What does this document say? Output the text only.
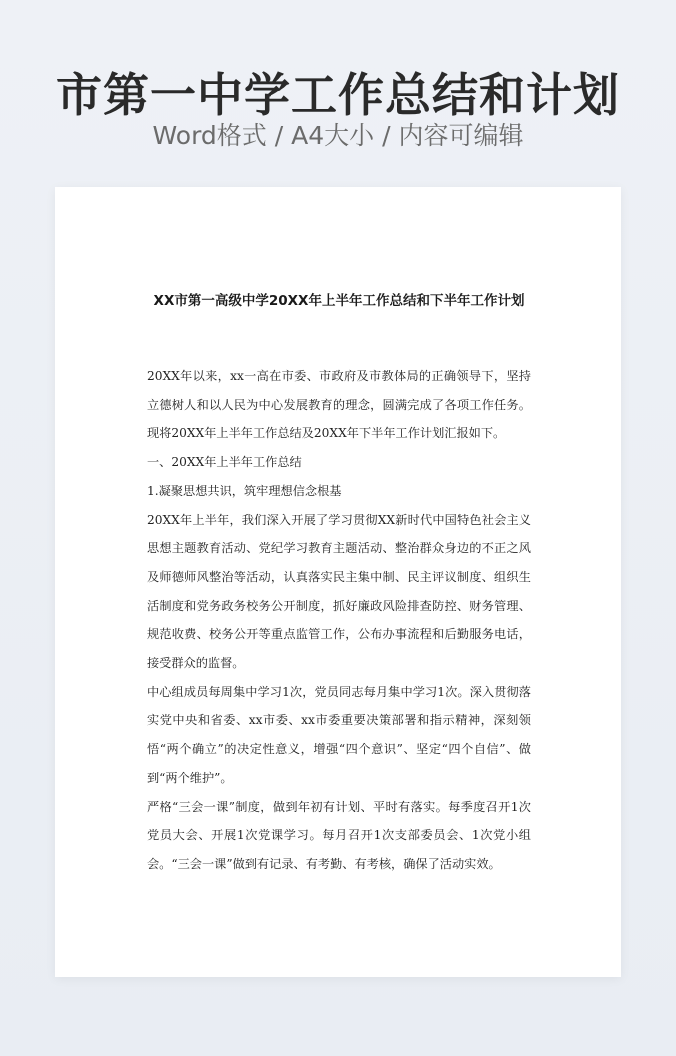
市第一中学工作总结和计划
Word格式 / A4大小 / 内容可编辑
XX市第一高级中学20XX年上半年工作总结和下半年工作计划

20XX年以来，xx一高在市委、市政府及市教体局的正确领导下，坚持立德树人和以人民为中心发展教育的理念，圆满完成了各项工作任务。现将20XX年上半年工作总结及20XX年下半年工作计划汇报如下。

一、20XX年上半年工作总结

1.凝聚思想共识，筑牢理想信念根基

20XX年上半年，我们深入开展了学习贯彻XX新时代中国特色社会主义思想主题教育活动、党纪学习教育主题活动、整治群众身边的不正之风及师德师风整治等活动，认真落实民主集中制、民主评议制度、组织生活制度和党务政务校务公开制度，抓好廉政风险排查防控、财务管理、规范收费、校务公开等重点监管工作，公布办事流程和后勤服务电话，接受群众的监督。

中心组成员每周集中学习1次，党员同志每月集中学习1次。深入贯彻落实党中央和省委、xx市委、xx市委重要决策部署和指示精神，深刻领悟“两个确立”的决定性意义，增强“四个意识”、坚定“四个自信”、做到“两个维护”。

严格“三会一课”制度，做到年初有计划、平时有落实。每季度召开1次党员大会、开展1次党课学习。每月召开1次支部委员会、1次党小组会。“三会一课”做到有记录、有考勤、有考核，确保了活动实效。
